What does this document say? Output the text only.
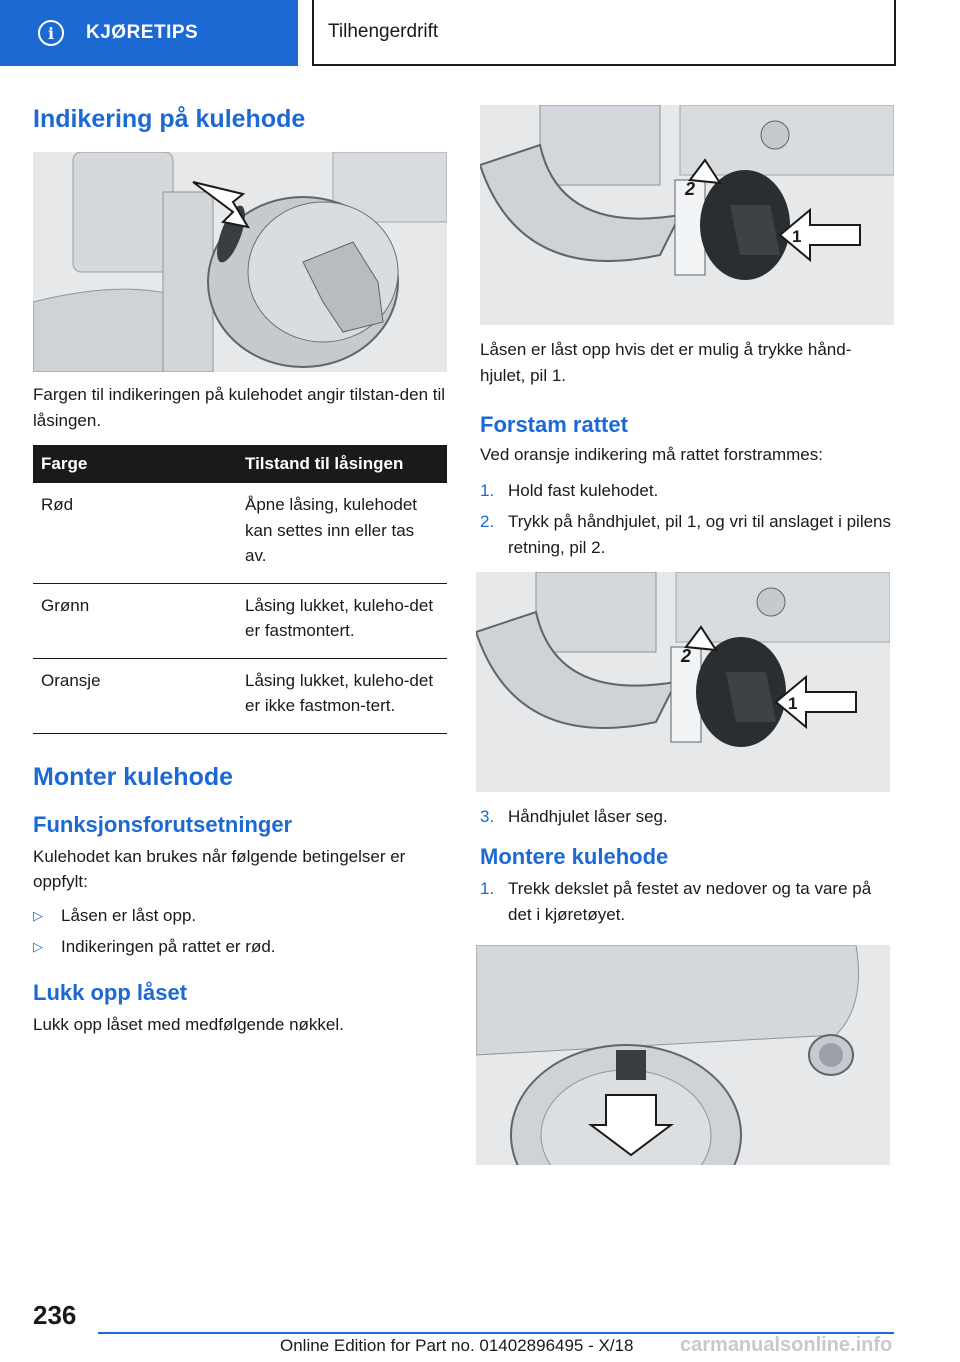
i	KJØRETIPS	Tilhengerdrift
Indikering på kulehode

Fargen til indikeringen på kulehodet angir tilstan-den til låsingen.

Farge	Tilstand til låsingen
Rød	Åpne låsing, kulehodet kan settes inn eller tas av.
Grønn	Låsing lukket, kuleho-det er fastmontert.
Oransje	Låsing lukket, kuleho-det er ikke fastmon-tert.
Monter kulehode
Funksjonsforutsetninger

Kulehodet kan brukes når følgende betingelser er oppfylt:

▷	Låsen er låst opp.
▷	Indikeringen på rattet er rød.
Lukk opp låset

Lukk opp låset med medfølgende nøkkel.

2
1

Låsen er låst opp hvis det er mulig å trykke hånd-hjulet, pil 1.

Forstam rattet

Ved oransje indikering må rattet forstrammes:

1. Hold fast kulehodet.
2. Trykk på håndhjulet, pil 1, og vri til anslaget i pilens retning, pil 2.
2
1
3. Håndhjulet låser seg.
Montere kulehode
1. Trekk dekslet på festet av nedover og ta vare på det i kjøretøyet.
236
Online Edition for Part no. 01402896495 - X/18 carmanualsonline.info
